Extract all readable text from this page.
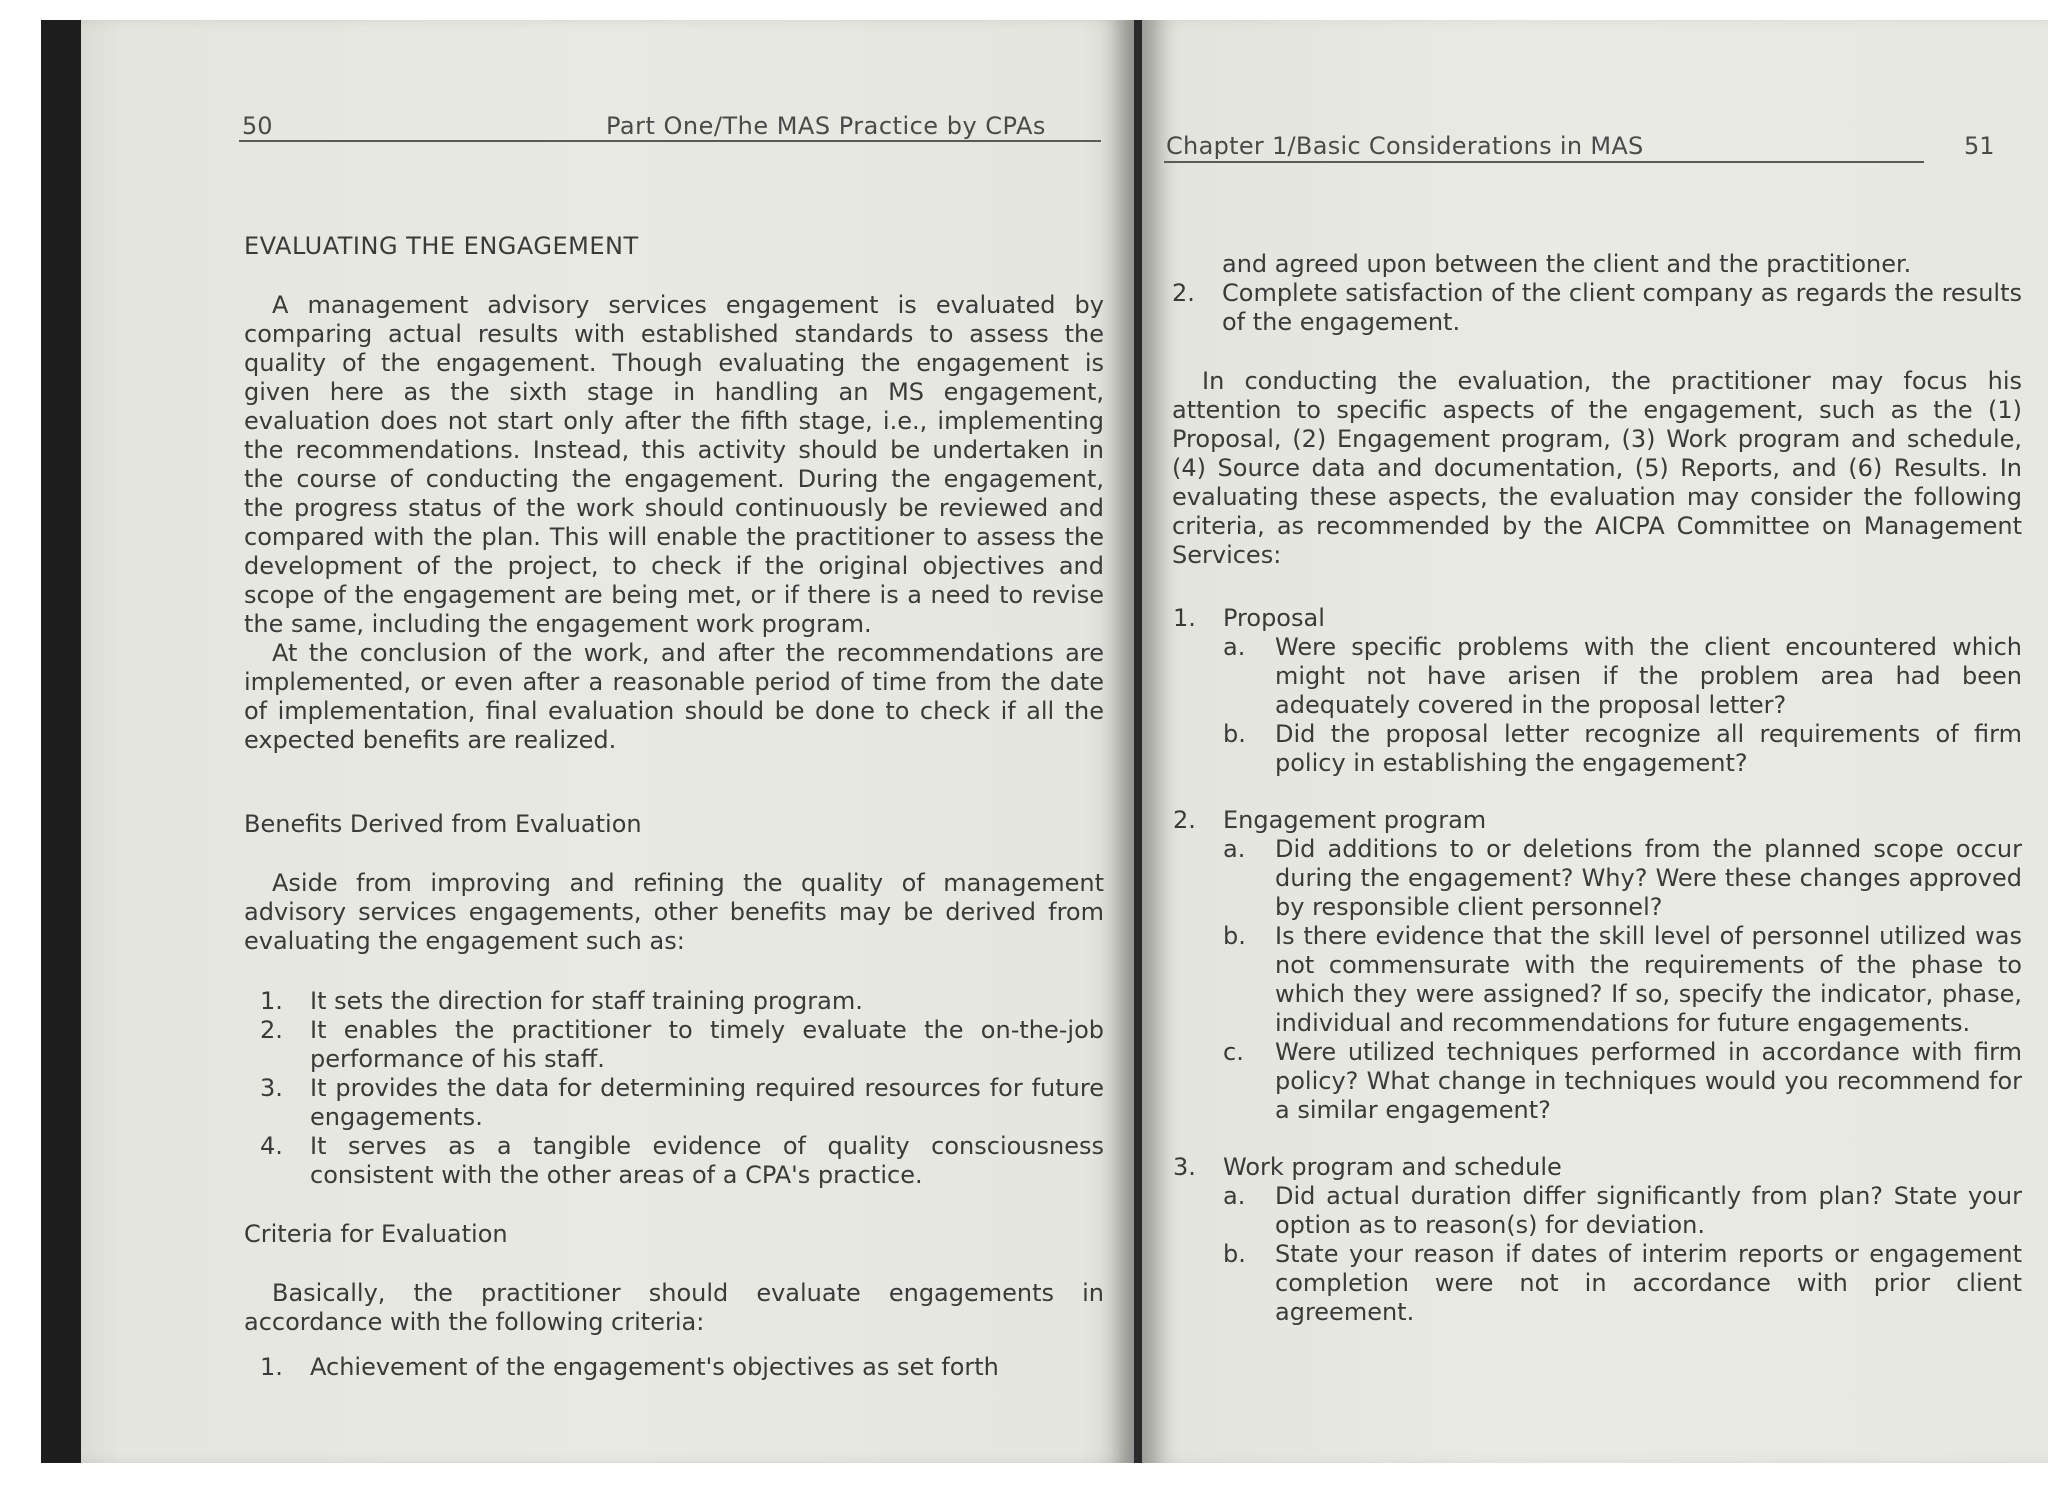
50	Part One/The MAS Practice by CPAs
EVALUATING THE ENGAGEMENT

A management advisory services engagement is evaluated by comparing actual results with established standards to assess the quality of the engagement. Though evaluating the engagement is given here as the sixth stage in handling an MS engagement, evaluation does not start only after the fifth stage, i.e., implementing the recommendations. Instead, this activity should be undertaken in the course of conducting the engagement. During the engagement, the progress status of the work should continuously be reviewed and compared with the plan. This will enable the practitioner to assess the development of the project, to check if the original objectives and scope of the engagement are being met, or if there is a need to revise the same, including the engagement work program.

At the conclusion of the work, and after the recommendations are implemented, or even after a reasonable period of time from the date of implementation, final evaluation should be done to check if all the expected benefits are realized.

Benefits Derived from Evaluation

Aside from improving and refining the quality of management advisory services engagements, other benefits may be derived from evaluating the engagement such as:

1. It sets the direction for staff training program.
2. It enables the practitioner to timely evaluate the on-the-job performance of his staff.
3. It provides the data for determining required resources for future engagements.
4. It serves as a tangible evidence of quality consciousness consistent with the other areas of a CPA's practice.
Criteria for Evaluation

Basically, the practitioner should evaluate engagements in accordance with the following criteria:

1. Achievement of the engagement's objectives as set forth
Chapter 1/Basic Considerations in MAS	51
and agreed upon between the client and the practitioner.
2. Complete satisfaction of the client company as regards the results of the engagement.

In conducting the evaluation, the practitioner may focus his attention to specific aspects of the engagement, such as the (1) Proposal, (2) Engagement program, (3) Work program and schedule, (4) Source data and documentation, (5) Reports, and (6) Results. In evaluating these aspects, the evaluation may consider the following criteria, as recommended by the AICPA Committee on Management Services:

1. Proposal
a. Were specific problems with the client encountered which might not have arisen if the problem area had been adequately covered in the proposal letter?
b. Did the proposal letter recognize all requirements of firm policy in establishing the engagement?
2. Engagement program
a. Did additions to or deletions from the planned scope occur during the engagement? Why? Were these changes approved by responsible client personnel?
b. Is there evidence that the skill level of personnel utilized was not commensurate with the requirements of the phase to which they were assigned? If so, specify the indicator, phase, individual and recommendations for future engagements.
c. Were utilized techniques performed in accordance with firm policy? What change in techniques would you recommend for a similar engagement?
3. Work program and schedule
a. Did actual duration differ significantly from plan? State your option as to reason(s) for deviation.
b. State your reason if dates of interim reports or engagement completion were not in accordance with prior client agreement.
